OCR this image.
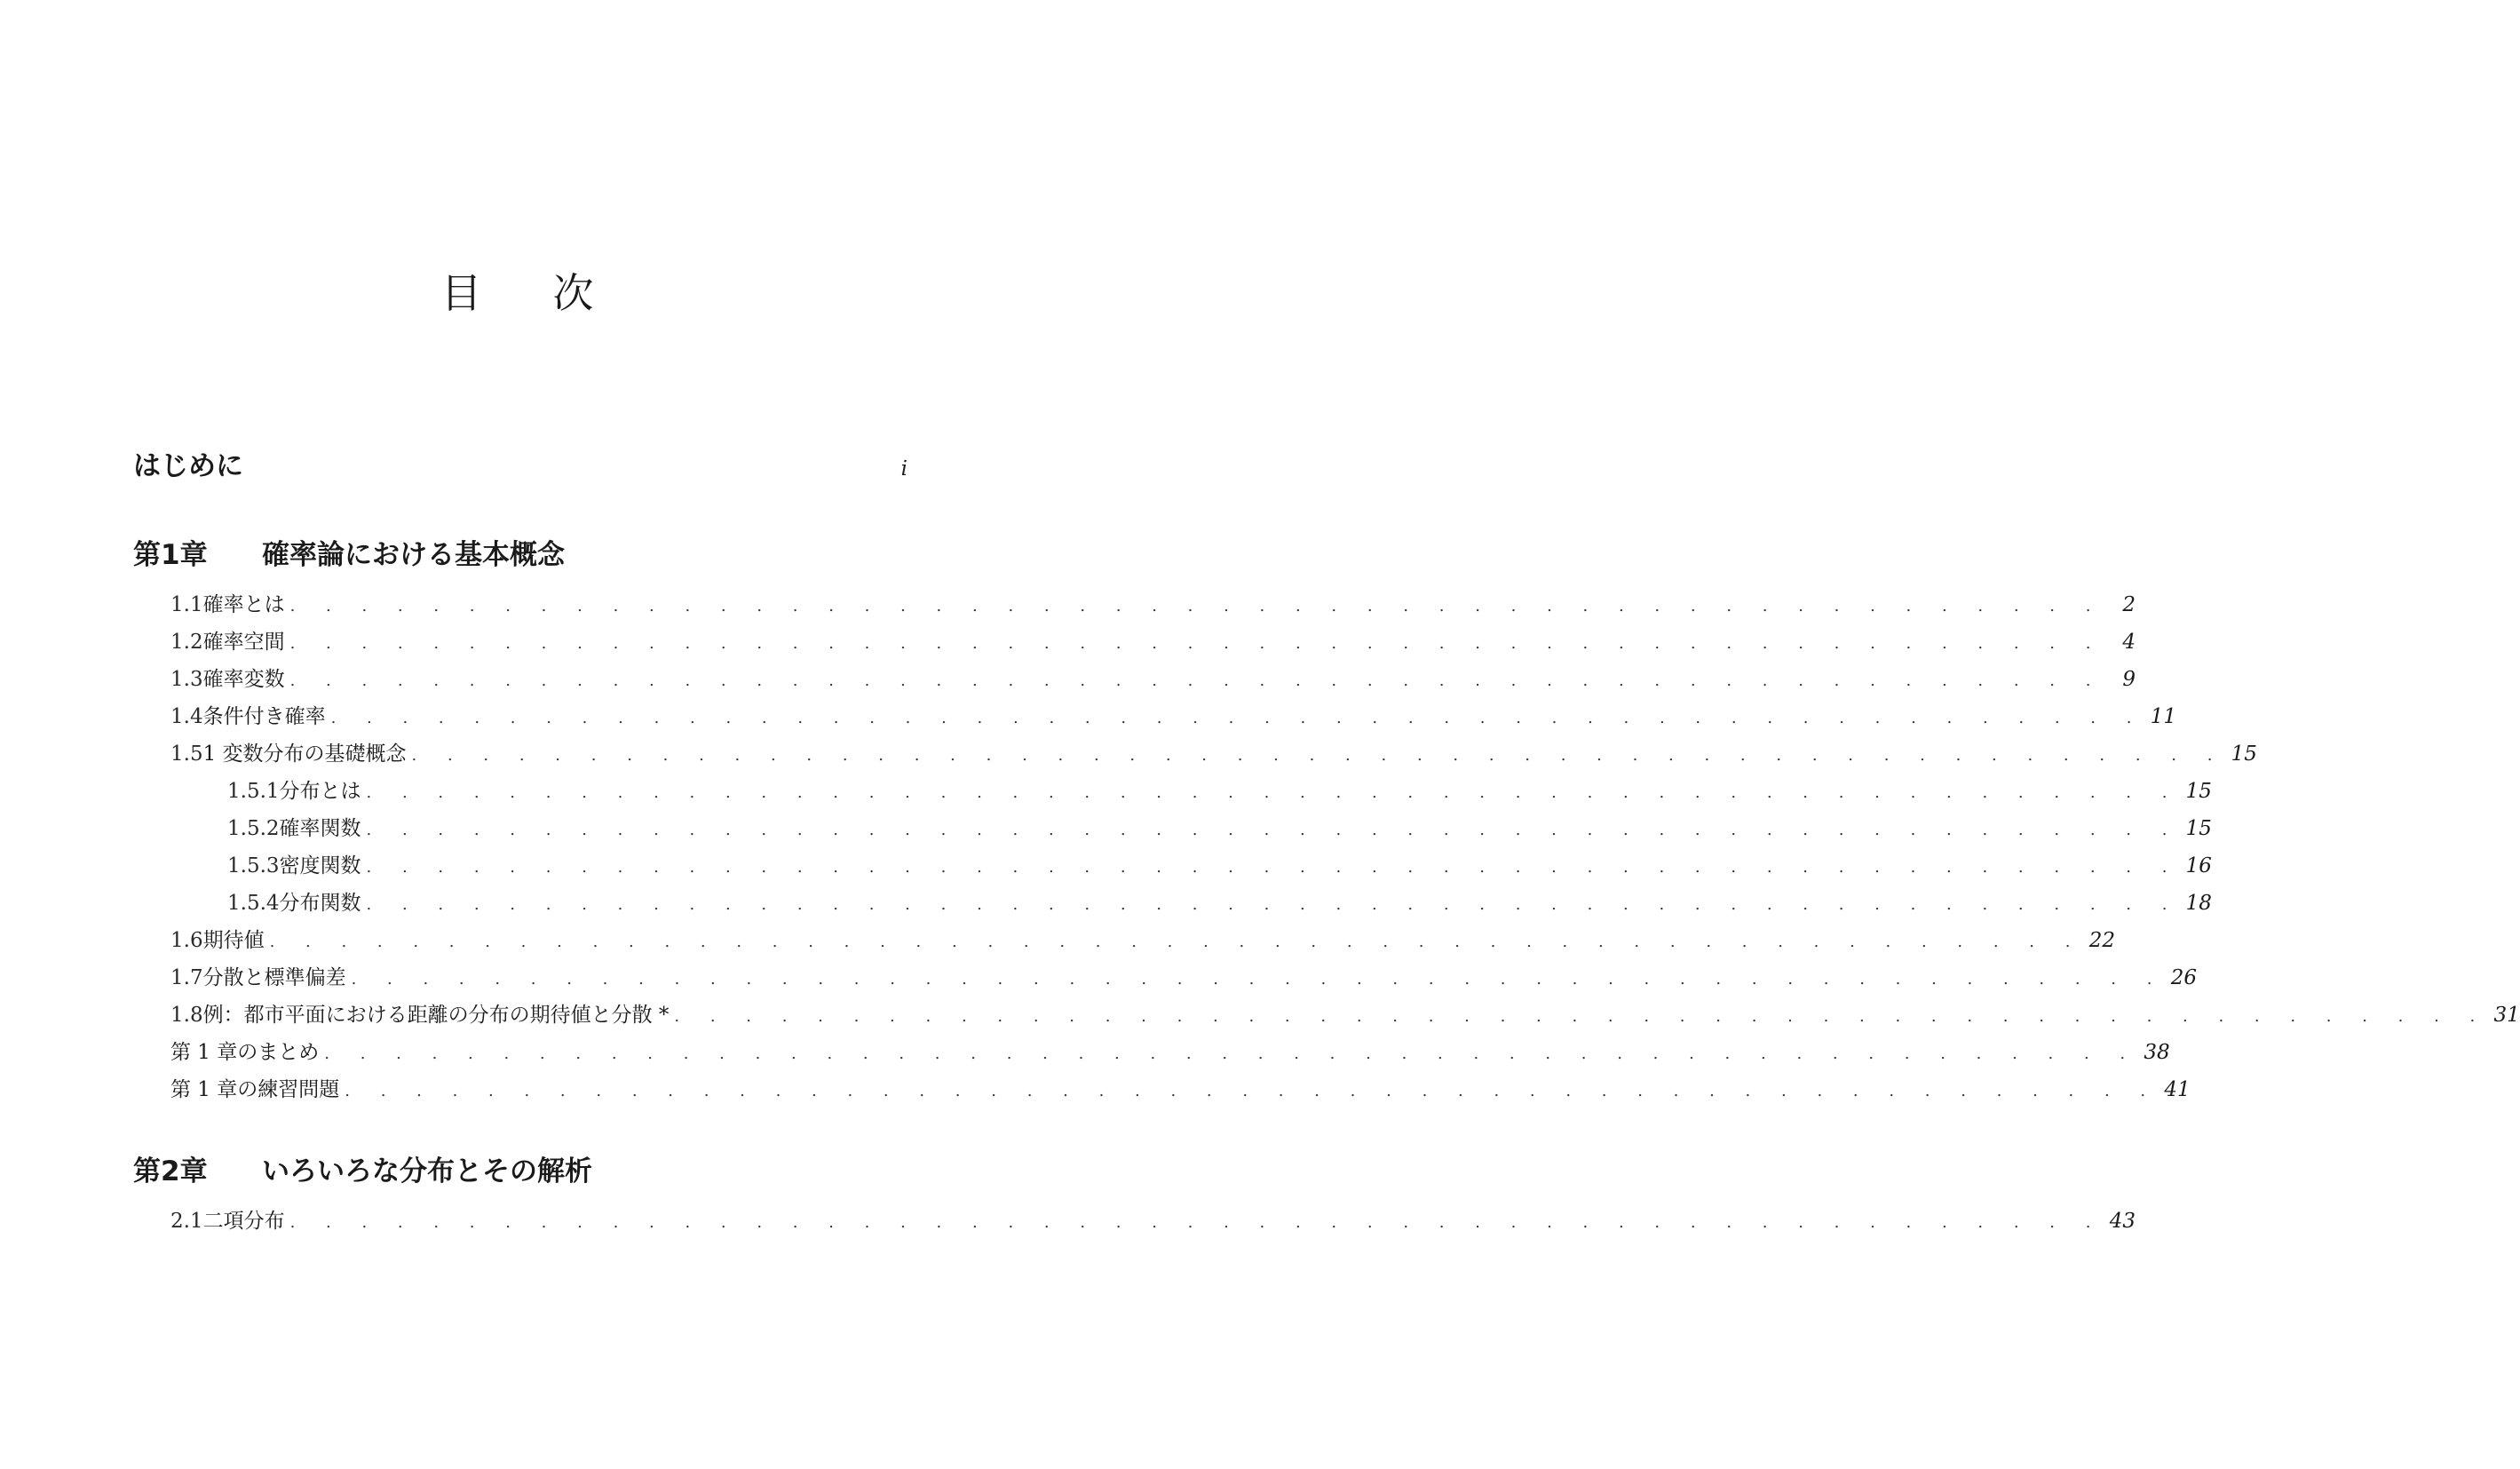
目次
はじめに	i
第1章	確率論における基本概念
1.1 確率とは . . . . . . . . . . . . . . . . . . . . . . . . . . . . . . . . . . . . . . . . . . . . . . . . . . . 2
1.2 確率空間 . . . . . . . . . . . . . . . . . . . . . . . . . . . . . . . . . . . . . . . . . . . . . . . . . . . 4
1.3 確率変数 . . . . . . . . . . . . . . . . . . . . . . . . . . . . . . . . . . . . . . . . . . . . . . . . . . . 9
1.4 条件付き確率 . . . . . . . . . . . . . . . . . . . . . . . . . . . . . . . . . . . . . . . . . . . . . . . . . . . 11
1.5 1 変数分布の基礎概念 . . . . . . . . . . . . . . . . . . . . . . . . . . . . . . . . . . . . . . . . . . . . . . . . . . . 15
1.5.1 分布とは . . . . . . . . . . . . . . . . . . . . . . . . . . . . . . . . . . . . . . . . . . . . . . . . . . . 15
1.5.2 確率関数 . . . . . . . . . . . . . . . . . . . . . . . . . . . . . . . . . . . . . . . . . . . . . . . . . . . 15
1.5.3 密度関数 . . . . . . . . . . . . . . . . . . . . . . . . . . . . . . . . . . . . . . . . . . . . . . . . . . . 16
1.5.4 分布関数 . . . . . . . . . . . . . . . . . . . . . . . . . . . . . . . . . . . . . . . . . . . . . . . . . . . 18
1.6 期待値 . . . . . . . . . . . . . . . . . . . . . . . . . . . . . . . . . . . . . . . . . . . . . . . . . . . 22
1.7 分散と標準偏差 . . . . . . . . . . . . . . . . . . . . . . . . . . . . . . . . . . . . . . . . . . . . . . . . . . . 26
1.8 例：都市平面における距離の分布の期待値と分散 * . . . . . . . . . . . . . . . . . . . . . . . . . . . . . . . . . . . . . . . . . . . . . . . . . . . 31
第 1 章のまとめ . . . . . . . . . . . . . . . . . . . . . . . . . . . . . . . . . . . . . . . . . . . . . . . . . . . 38
第 1 章の練習問題 . . . . . . . . . . . . . . . . . . . . . . . . . . . . . . . . . . . . . . . . . . . . . . . . . . . 41
第2章	いろいろな分布とその解析
2.1 二項分布 . . . . . . . . . . . . . . . . . . . . . . . . . . . . . . . . . . . . . . . . . . . . . . . . . . . 43
